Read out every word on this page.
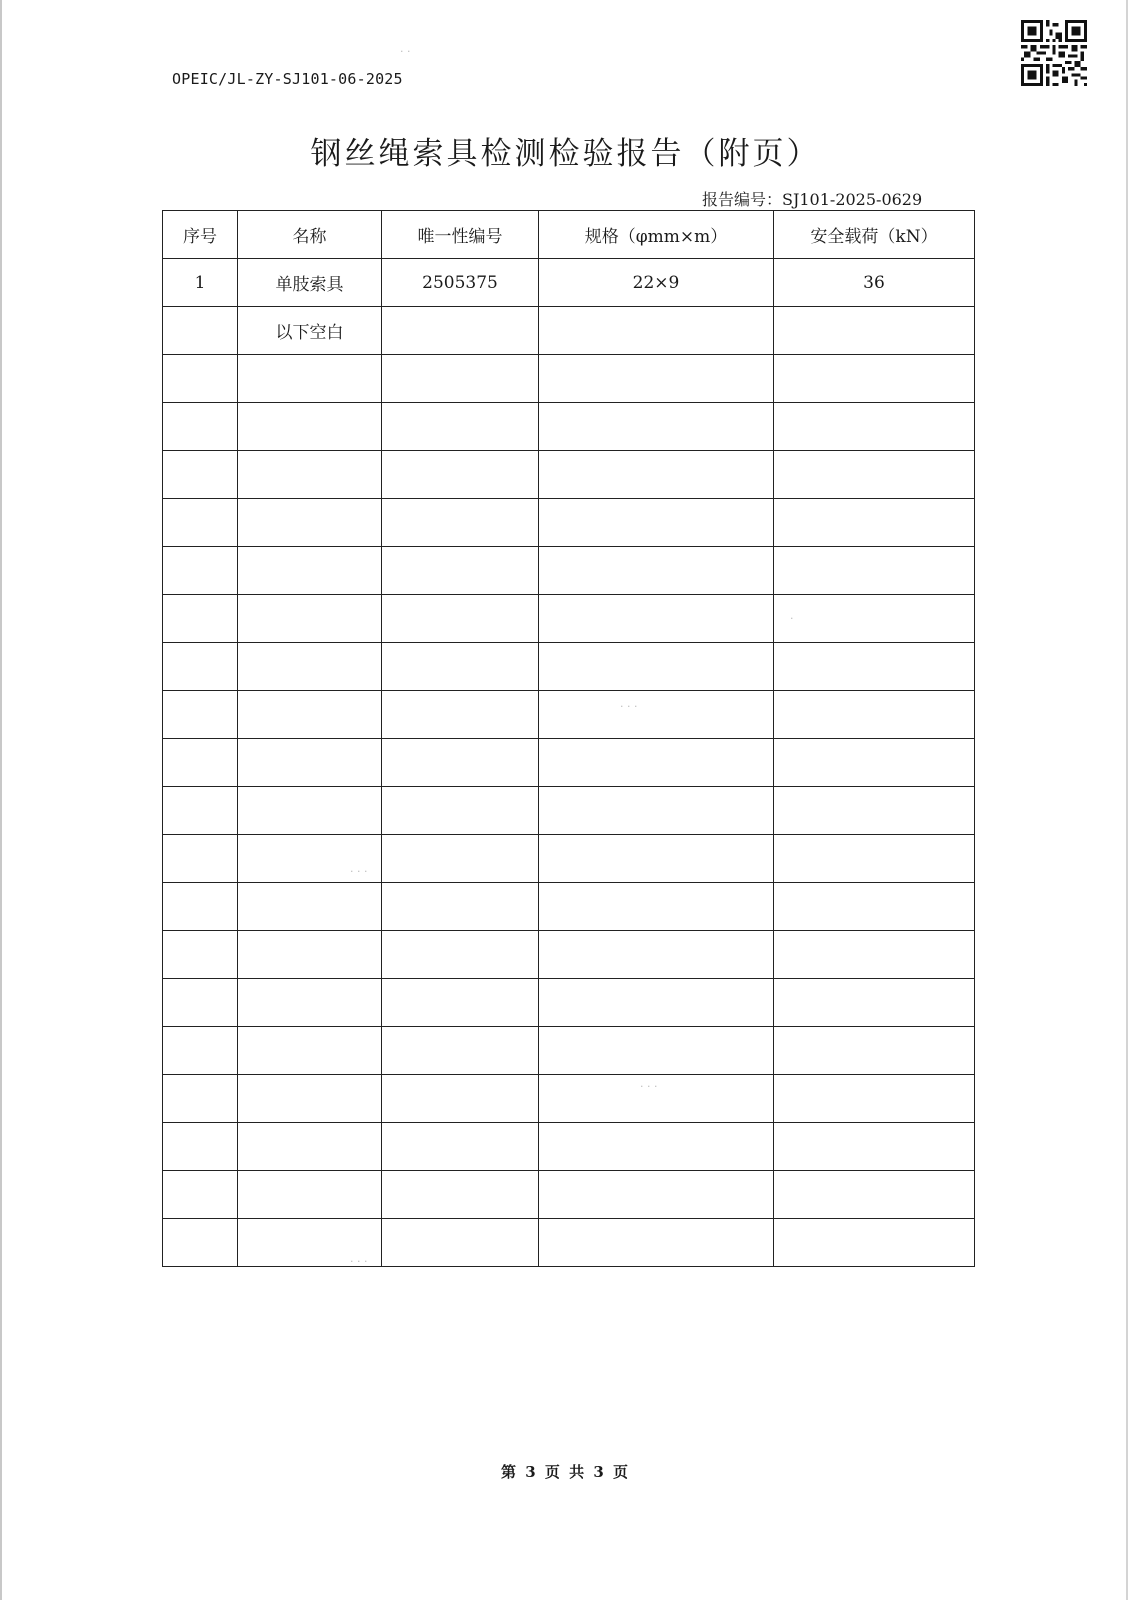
OPEIC/JL-ZY-SJ101-06-2025
钢丝绳索具检测检验报告（附页）
报告编号：SJ101-2025-0629
序号	名称	唯一性编号	规格（φmm×m）	安全载荷（kN）
1	单肢索具	2505375	22×9	36
	以下空白			

· ·
·
· · ·
· · ·
· · ·
· · ·
第 3 页 共 3 页
